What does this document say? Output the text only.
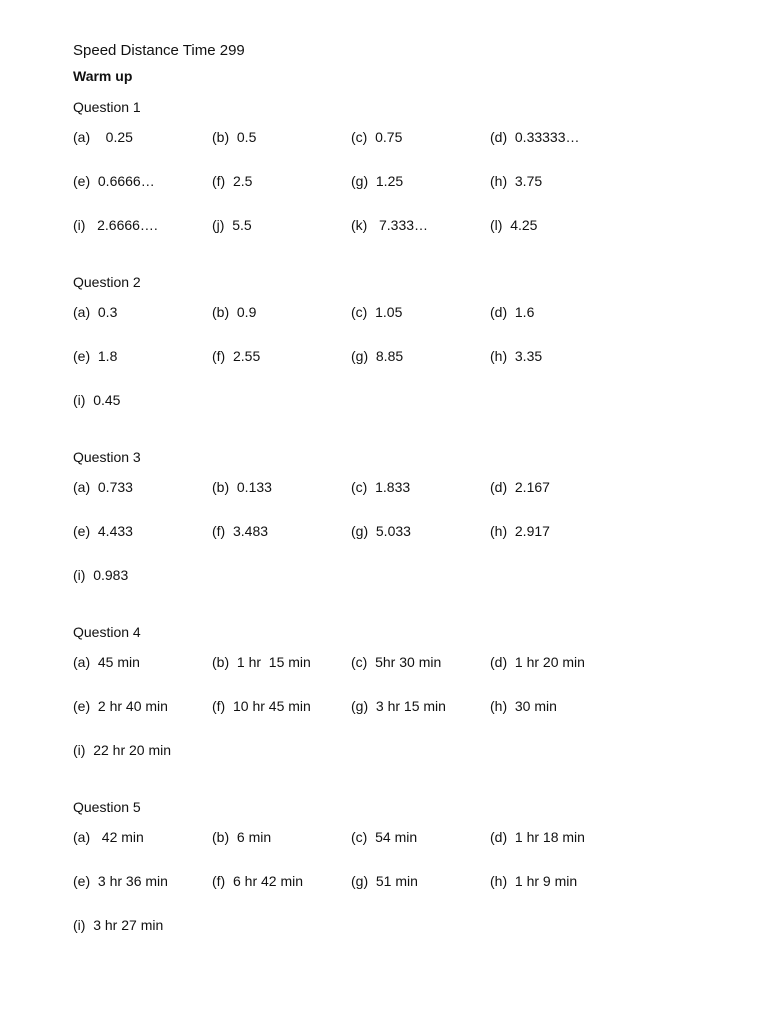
Speed Distance Time 299
Warm up
Question 1
(a)    0.25	(b)  0.5	(c)  0.75	(d)  0.33333…
(e)  0.6666…	(f)  2.5	(g)  1.25	(h)  3.75
(i)   2.6666….	(j)  5.5	(k)   7.333…	(l)  4.25
Question 2
(a)  0.3	(b)  0.9	(c)  1.05	(d)  1.6
(e)  1.8	(f)  2.55	(g)  8.85	(h)  3.35
(i)  0.45
Question 3
(a)  0.733	(b)  0.133	(c)  1.833	(d)  2.167
(e)  4.433	(f)  3.483	(g)  5.033	(h)  2.917
(i)  0.983
Question 4
(a)  45 min	(b)  1 hr  15 min	(c)  5hr 30 min	(d)  1 hr 20 min
(e)  2 hr 40 min	(f)  10 hr 45 min	(g)  3 hr 15 min	(h)  30 min
(i)  22 hr 20 min
Question 5
(a)   42 min	(b)  6 min	(c)  54 min	(d)  1 hr 18 min
(e)  3 hr 36 min	(f)  6 hr 42 min	(g)  51 min	(h)  1 hr 9 min
(i)  3 hr 27 min
